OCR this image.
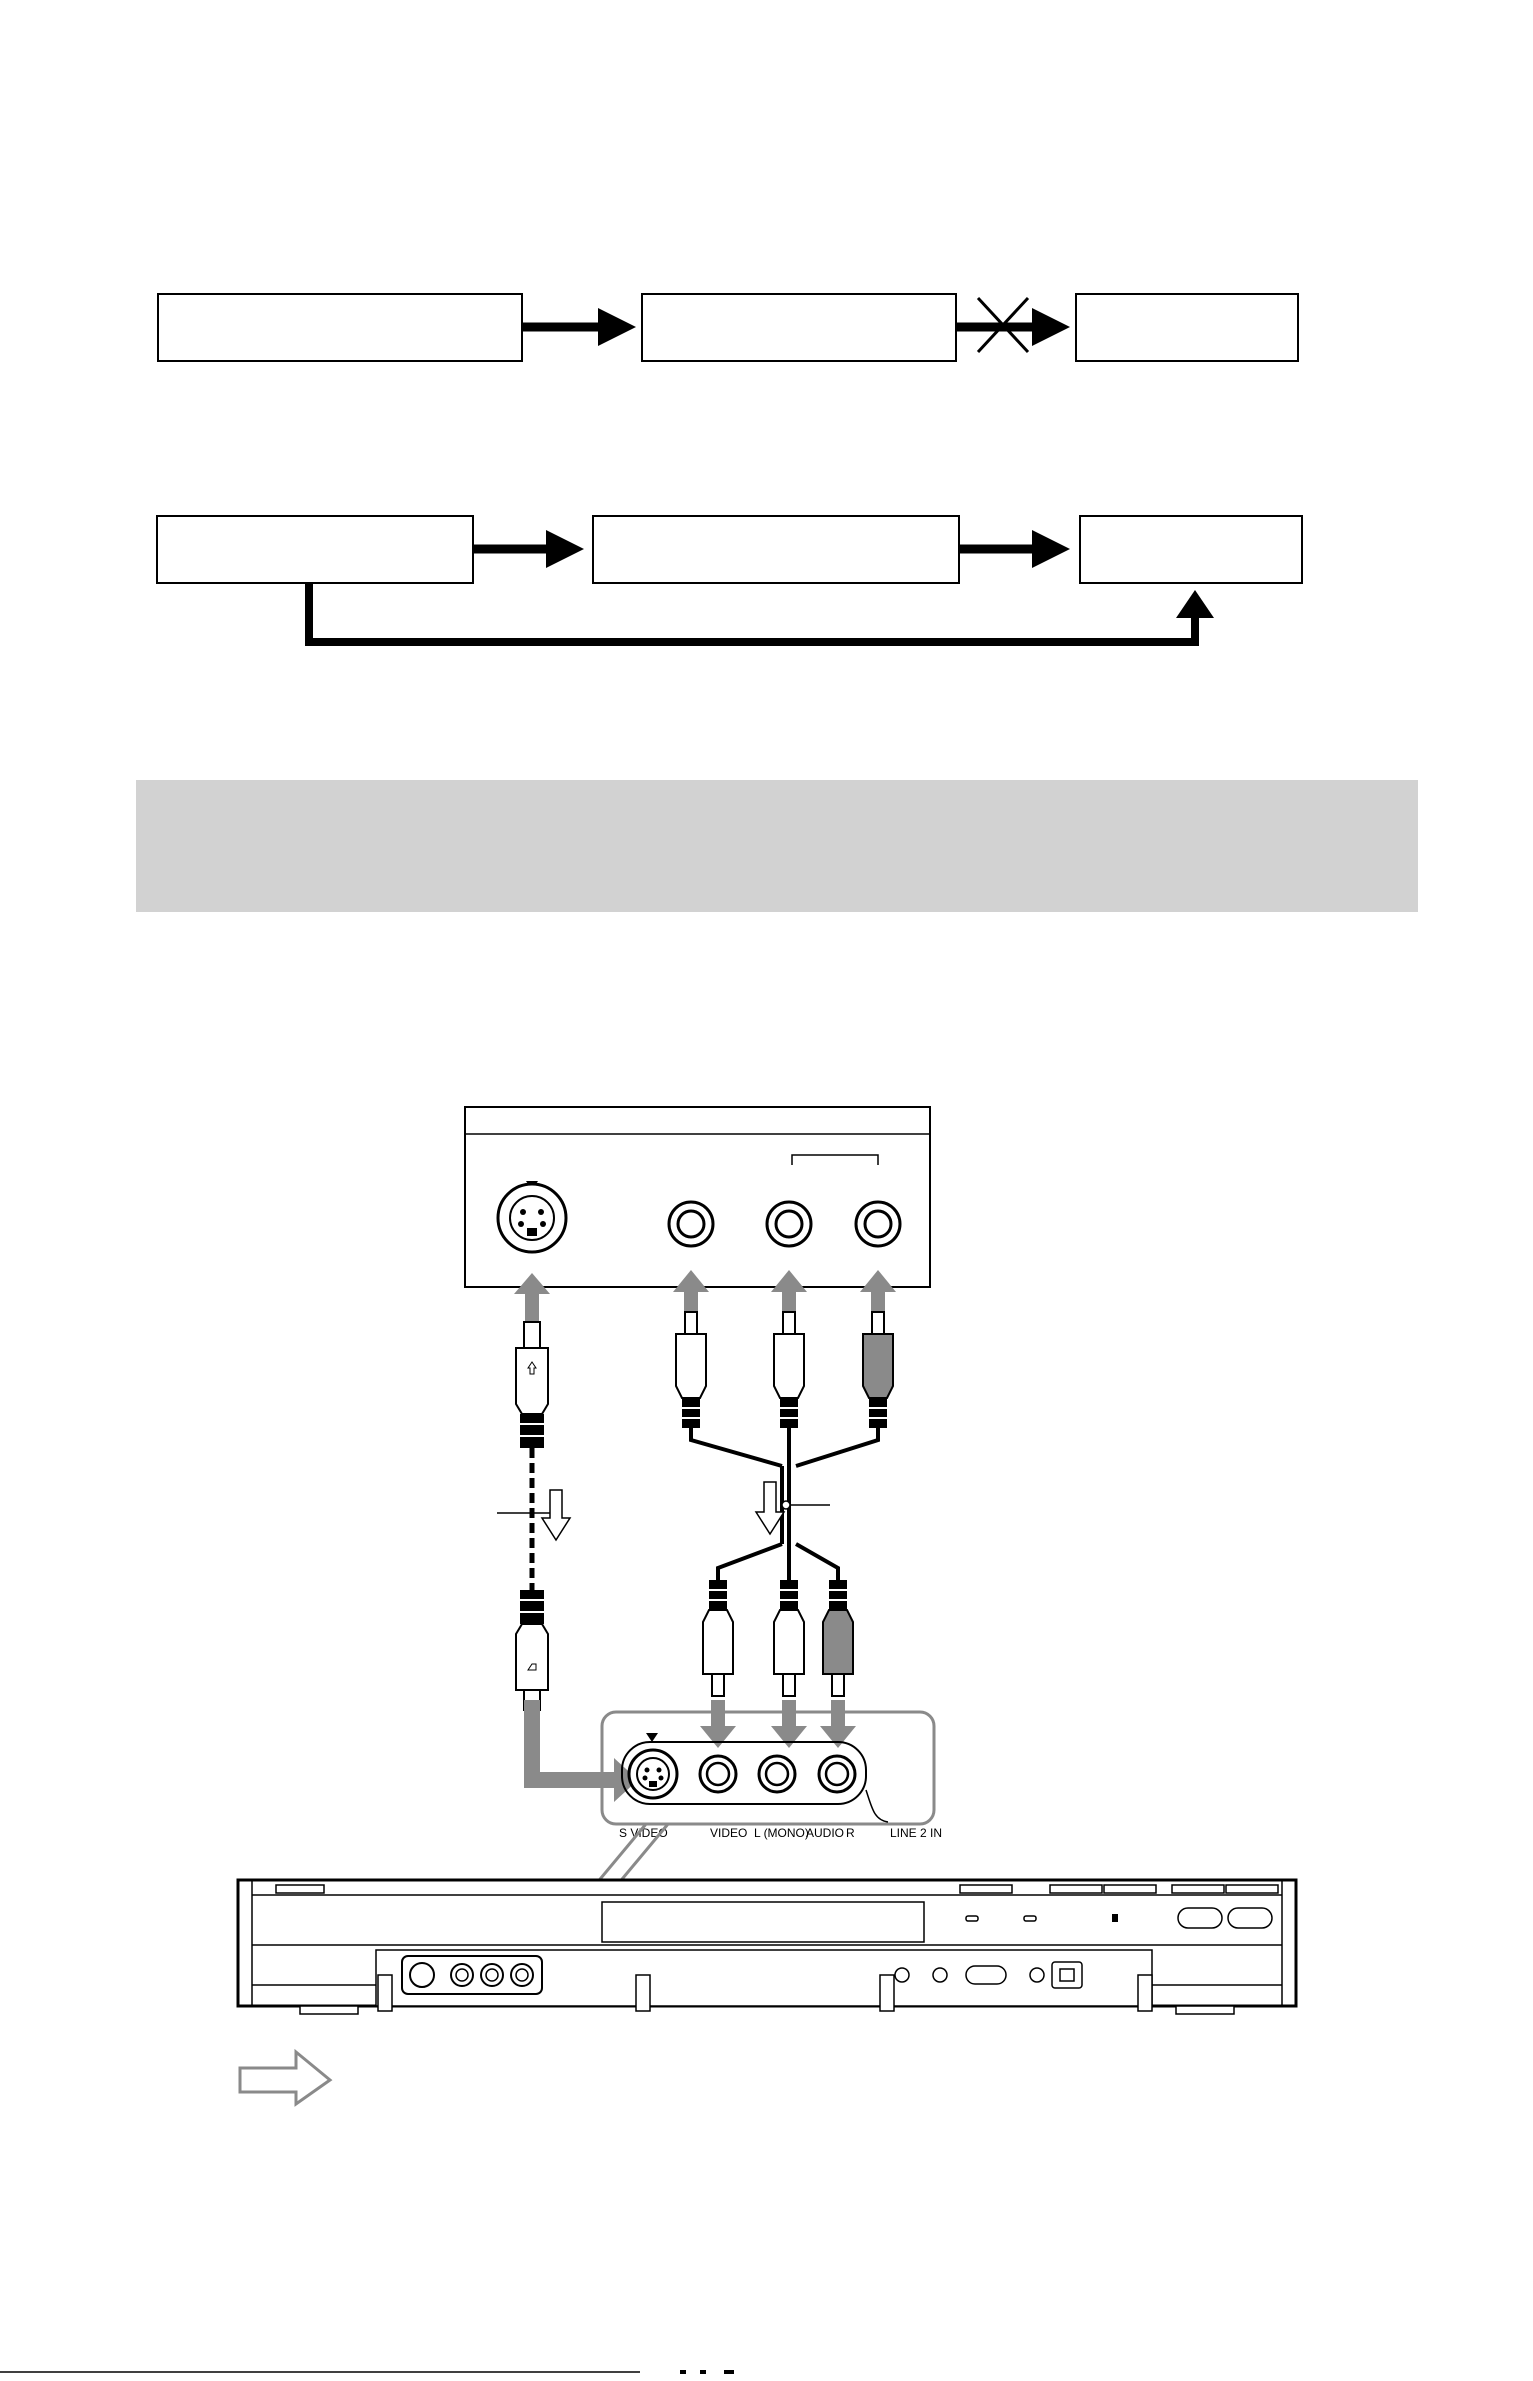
S VIDEO	VIDEO L (MONO)
AUDIO R	LINE 2 IN
